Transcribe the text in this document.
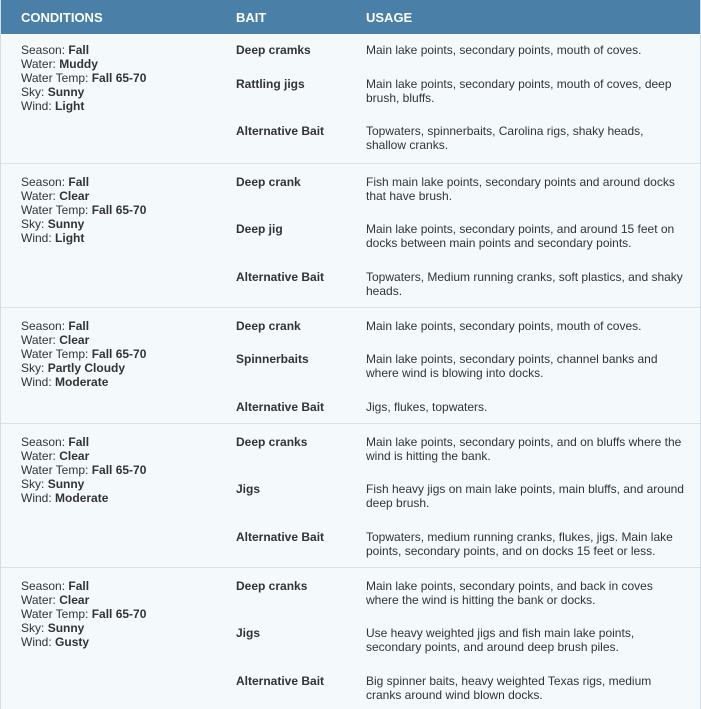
CONDITIONS	BAIT	USAGE
Season: Fall
Water: Muddy
Water Temp: Fall 65-70
Sky: Sunny
Wind: Light
Deep cramks	Main lake points, secondary points, mouth of coves.
Rattling jigs	Main lake points, secondary points, mouth of coves, deep brush, bluffs.
Alternative Bait	Topwaters, spinnerbaits, Carolina rigs, shaky heads, shallow cranks.
Season: Fall
Water: Clear
Water Temp: Fall 65-70
Sky: Sunny
Wind: Light
Deep crank	Fish main lake points, secondary points and around docks that have brush.
Deep jig	Main lake points, secondary points, and around 15 feet on docks between main points and secondary points.
Alternative Bait	Topwaters, Medium running cranks, soft plastics, and shaky heads.
Season: Fall
Water: Clear
Water Temp: Fall 65-70
Sky: Partly Cloudy
Wind: Moderate
Deep crank	Main lake points, secondary points, mouth of coves.
Spinnerbaits	Main lake points, secondary points, channel banks and where wind is blowing into docks.
Alternative Bait	Jigs, flukes, topwaters.
Season: Fall
Water: Clear
Water Temp: Fall 65-70
Sky: Sunny
Wind: Moderate
Deep cranks	Main lake points, secondary points, and on bluffs where the wind is hitting the bank.
Jigs	Fish heavy jigs on main lake points, main bluffs, and around deep brush.
Alternative Bait	Topwaters, medium running cranks, flukes, jigs. Main lake points, secondary points, and on docks 15 feet or less.
Season: Fall
Water: Clear
Water Temp: Fall 65-70
Sky: Sunny
Wind: Gusty
Deep cranks	Main lake points, secondary points, and back in coves where the wind is hitting the bank or docks.
Jigs	Use heavy weighted jigs and fish main lake points, secondary points, and around deep brush piles.
Alternative Bait	Big spinner baits, heavy weighted Texas rigs, medium cranks around wind blown docks.
